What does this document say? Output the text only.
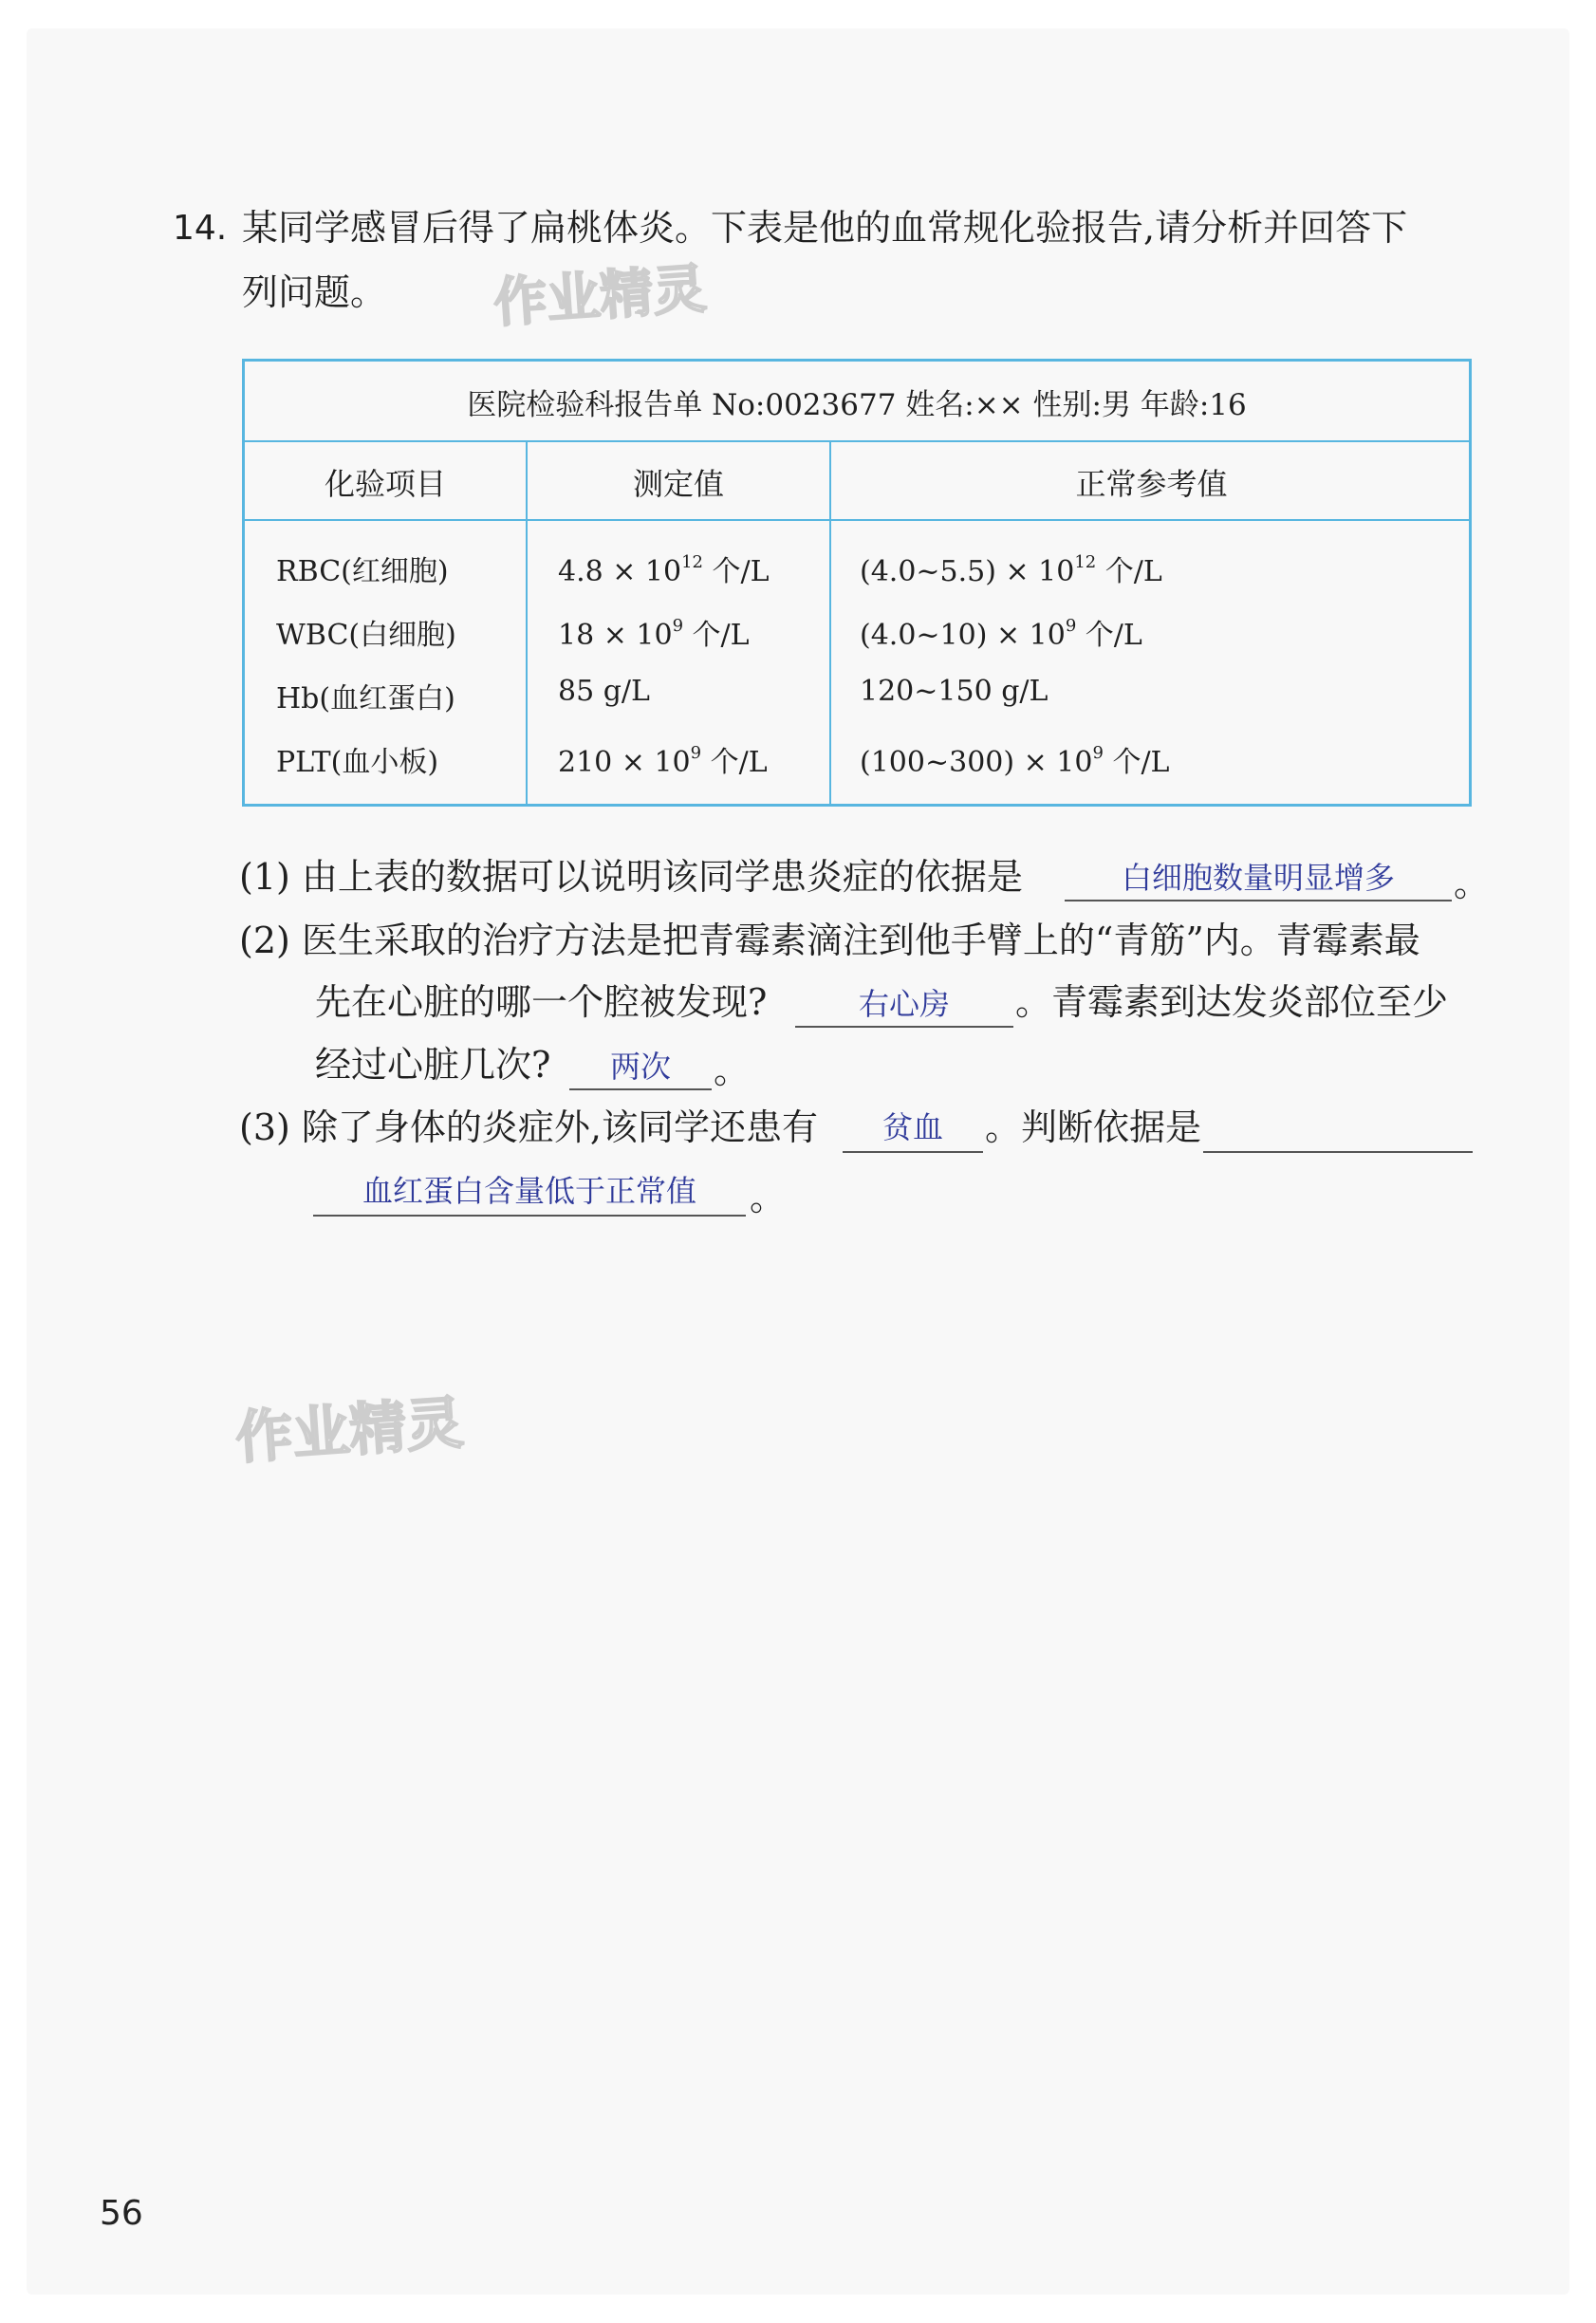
14. 某同学感冒后得了扁桃体炎。下表是他的血常规化验报告,请分析并回答下
列问题。 作业精灵
医院检验科报告单 No:0023677 姓名:×× 性别:男 年龄:16
化验项目	测定值	正常参考值
RBC(红细胞)	$4.8 \times 10^{12}$ 个/L	(4.0~5.5) × $10^{12}$ 个/L
WBC(白细胞)	$18 \times 10^9$ 个/L	(4.0~10) × $10^9$ 个/L
Hb(血红蛋白)	85 g/L	120~150 g/L
PLT(血小板)	$210 \times 10^9$ 个/L	(100~300) × $10^9$ 个/L
(1) 由上表的数据可以说明该同学患炎症的依据是	白细胞数量明显增多	。
(2) 医生采取的治疗方法是把青霉素滴注到他手臂上的“青筋”内。青霉素最
先在心脏的哪一个腔被发现?	右心房	。青霉素到达发炎部位至少
经过心脏几次?	两次	。
(3) 除了身体的炎症外,该同学还患有	贫血	。判断依据是
血红蛋白含量低于正常值	。
作业精灵
56
